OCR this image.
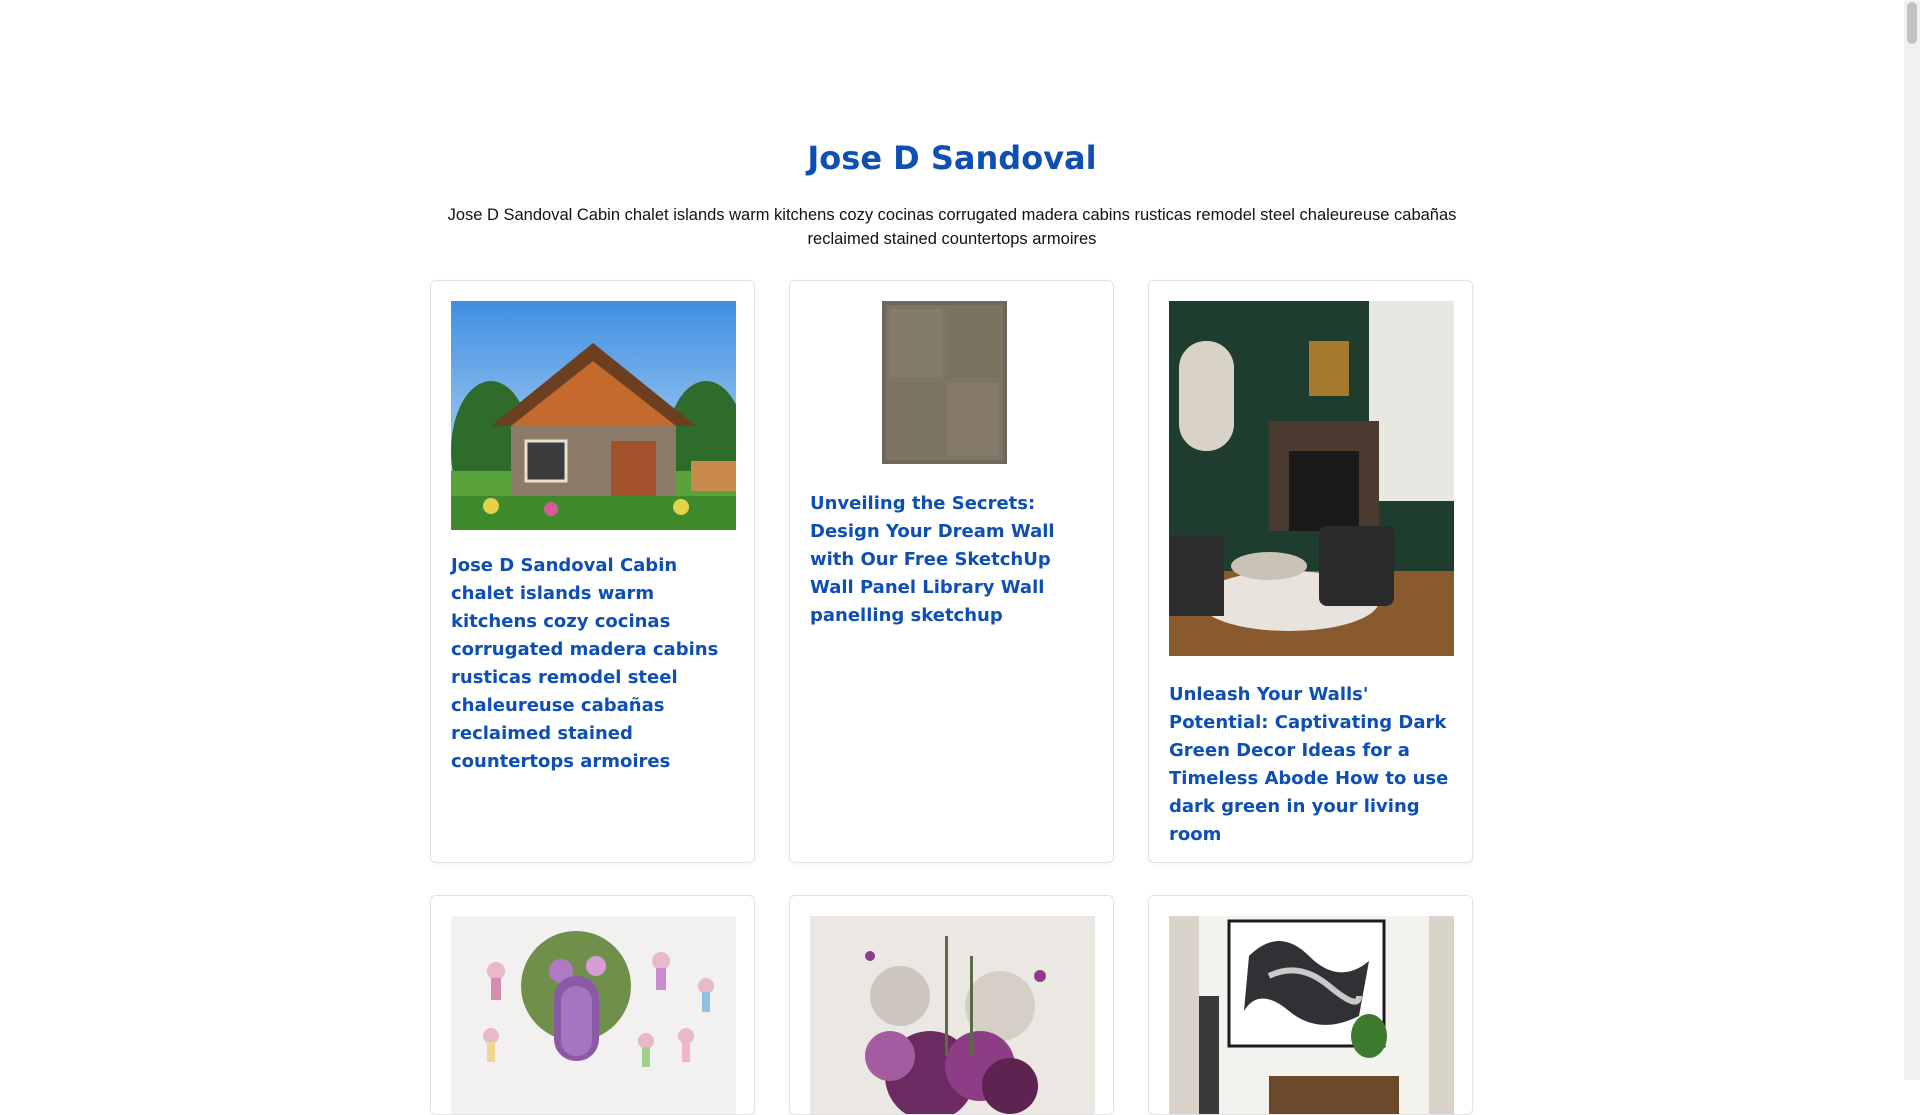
Jose D Sandoval

Jose D Sandoval Cabin chalet islands warm kitchens cozy cocinas corrugated madera cabins rusticas remodel steel chaleureuse cabañas reclaimed stained countertops armoires

Jose D Sandoval Cabin chalet islands warm kitchens cozy cocinas corrugated madera cabins rusticas remodel steel chaleureuse cabañas reclaimed stained countertops armoires
Unveiling the Secrets: Design Your Dream Wall with Our Free SketchUp Wall Panel Library Wall panelling sketchup
Unleash Your Walls' Potential: Captivating Dark Green Decor Ideas for a Timeless Abode How to use dark green in your living room
